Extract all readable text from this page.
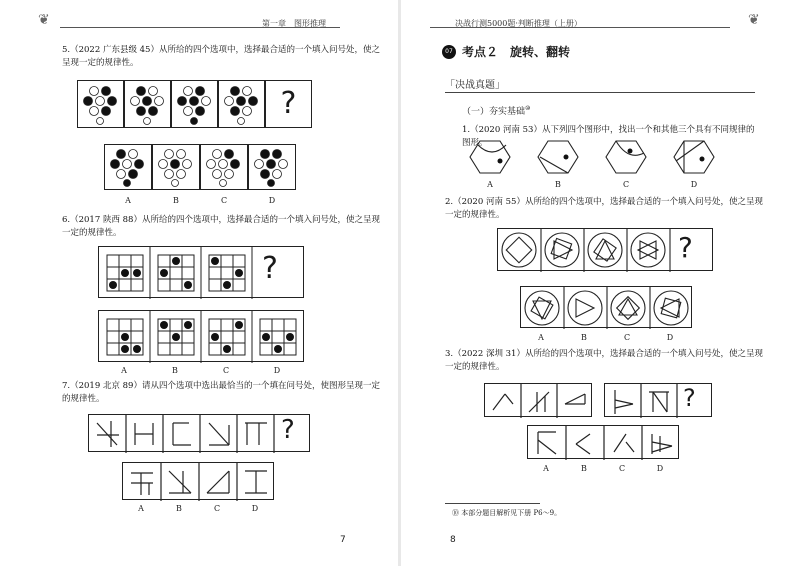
第一章　图形推理	决战行测5000题·判断推理（上册）
❦	❦
5.（2022 广东县级 45）从所给的四个选项中，选择最合适的一个填入问号处，使之呈现一定的规律性。
?
A	B	C	D
6.（2017 陕西 88）从所给的四个选项中，选择最合适的一个填入问号处，使之呈现一定的规律性。
?
A	B	C	D
7.（2019 北京 89）请从四个选项中选出最恰当的一个填在问号处，使图形呈现一定的规律性。
?
A	B	C	D
7
07 考点２　旋转、翻转
「决战真题」
（一）夯实基础⑩
1.（2020 河南 53）从下列四个图形中，找出一个和其他三个具有不同规律的图形。
A	B	C	D
2.（2020 河南 55）从所给的四个选项中，选择最合适的一个填入问号处，使之呈现一定的规律性。
?
A	B	C	D
3.（2022 深圳 31）从所给的四个选项中，选择最合适的一个填入问号处，使之呈现一定的规律性。
?
A	B	C	D
⑩ 本部分题目解析见下册 P6～9。
8
